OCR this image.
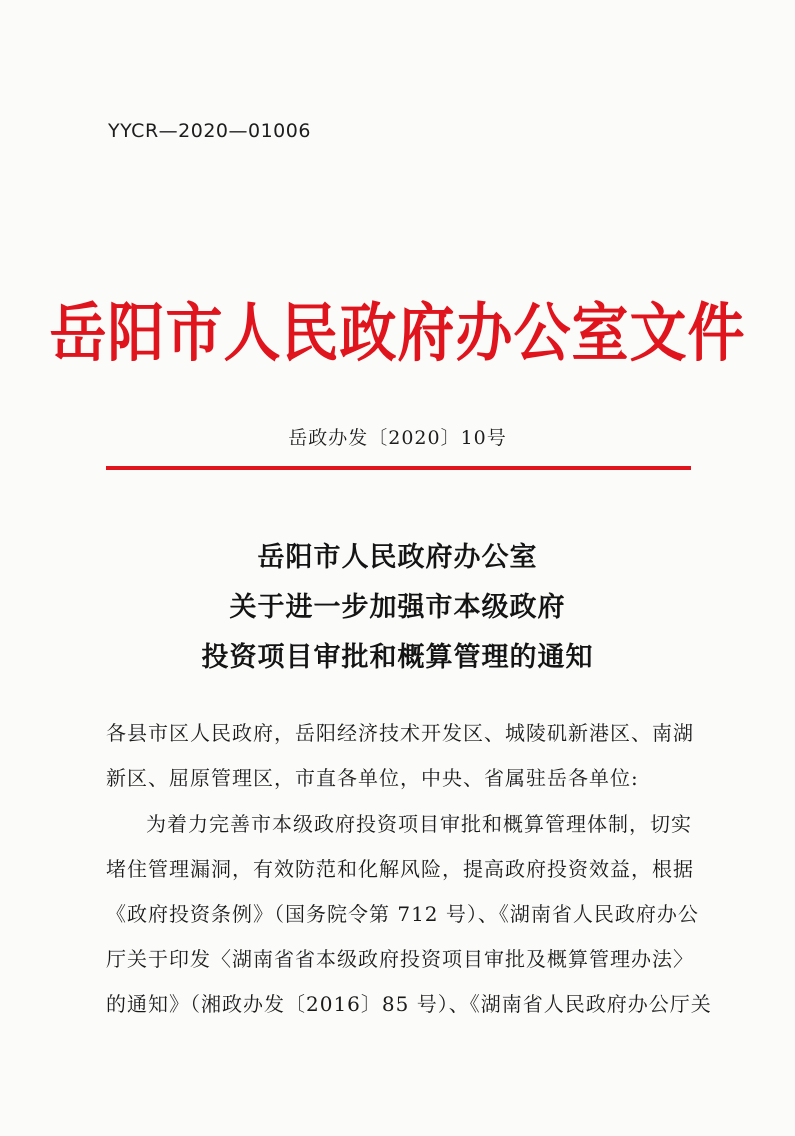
YYCR—2020—01006
岳阳市人民政府办公室文件
岳政办发〔2020〕10号
岳阳市人民政府办公室
关于进一步加强市本级政府
投资项目审批和概算管理的通知
各县市区人民政府，岳阳经济技术开发区、城陵矶新港区、南湖
新区、屈原管理区，市直各单位，中央、省属驻岳各单位:
为着力完善市本级政府投资项目审批和概算管理体制，切实
堵住管理漏洞，有效防范和化解风险，提高政府投资效益，根据
《政府投资条例》（国务院令第 712 号）、《湖南省人民政府办公
厅关于印发〈湖南省省本级政府投资项目审批及概算管理办法〉
的通知》（湘政办发〔2016〕85 号）、《湖南省人民政府办公厅关
